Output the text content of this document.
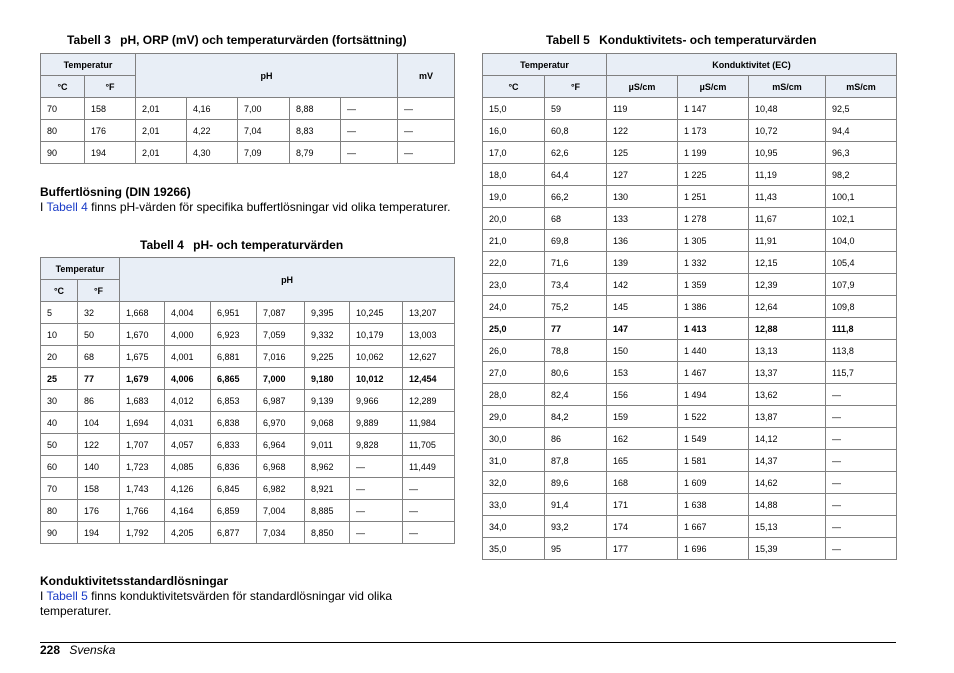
Tabell 3 pH, ORP (mV) och temperaturvärden (fortsättning)
Temperatur		pH					mV
°C	°F						
70	158	2,01	4,16	7,00	8,88	—	—
80	176	2,01	4,22	7,04	8,83	—	—
90	194	2,01	4,30	7,09	8,79	—	—
Buffertlösning (DIN 19266)
I Tabell 4 finns pH-värden för specifika buffertlösningar vid olika temperaturer.
Tabell 4 pH- och temperaturvärden
Temperatur		pH						
°C	°F							
5	32	1,668	4,004	6,951	7,087	9,395	10,245	13,207
10	50	1,670	4,000	6,923	7,059	9,332	10,179	13,003
20	68	1,675	4,001	6,881	7,016	9,225	10,062	12,627
25	77	1,679	4,006	6,865	7,000	9,180	10,012	12,454
30	86	1,683	4,012	6,853	6,987	9,139	9,966	12,289
40	104	1,694	4,031	6,838	6,970	9,068	9,889	11,984
50	122	1,707	4,057	6,833	6,964	9,011	9,828	11,705
60	140	1,723	4,085	6,836	6,968	8,962	—	11,449
70	158	1,743	4,126	6,845	6,982	8,921	—	—
80	176	1,766	4,164	6,859	7,004	8,885	—	—
90	194	1,792	4,205	6,877	7,034	8,850	—	—
Konduktivitetsstandardlösningar
I Tabell 5 finns konduktivitetsvärden för standardlösningar vid olika temperaturer.
Tabell 5 Konduktivitets- och temperaturvärden
Temperatur		Konduktivitet (EC)			
°C	°F	µS/cm	µS/cm	mS/cm	mS/cm
15,0	59	119	1 147	10,48	92,5
16,0	60,8	122	1 173	10,72	94,4
17,0	62,6	125	1 199	10,95	96,3
18,0	64,4	127	1 225	11,19	98,2
19,0	66,2	130	1 251	11,43	100,1
20,0	68	133	1 278	11,67	102,1
21,0	69,8	136	1 305	11,91	104,0
22,0	71,6	139	1 332	12,15	105,4
23,0	73,4	142	1 359	12,39	107,9
24,0	75,2	145	1 386	12,64	109,8
25,0	77	147	1 413	12,88	111,8
26,0	78,8	150	1 440	13,13	113,8
27,0	80,6	153	1 467	13,37	115,7
28,0	82,4	156	1 494	13,62	—
29,0	84,2	159	1 522	13,87	—
30,0	86	162	1 549	14,12	—
31,0	87,8	165	1 581	14,37	—
32,0	89,6	168	1 609	14,62	—
33,0	91,4	171	1 638	14,88	—
34,0	93,2	174	1 667	15,13	—
35,0	95	177	1 696	15,39	—
228 Svenska
